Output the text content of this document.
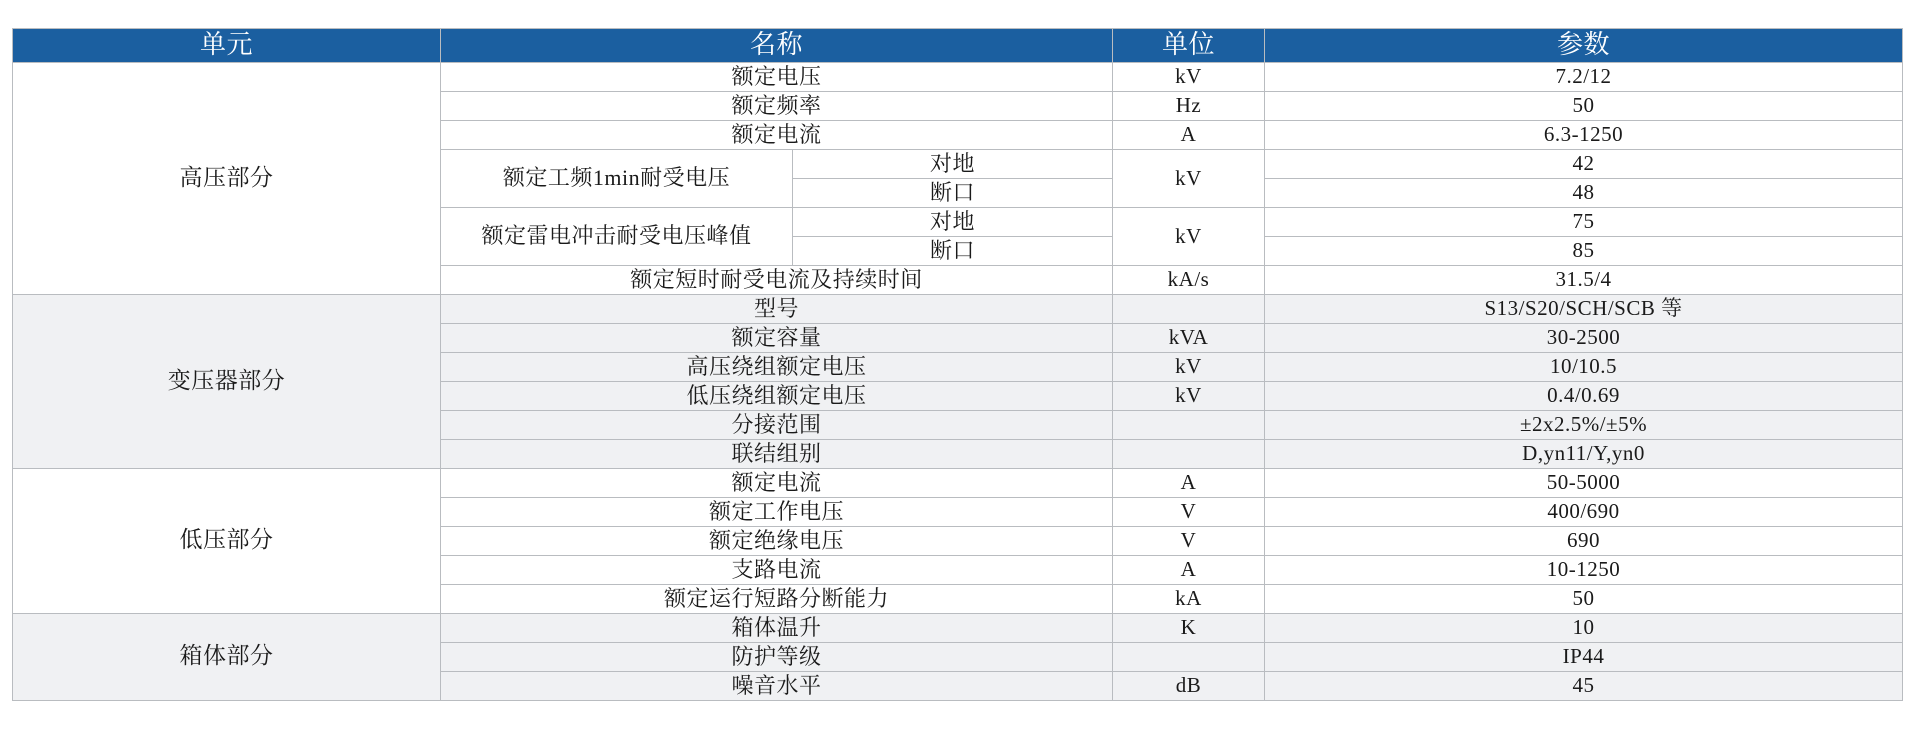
单元	名称		单位	参数
高压部分	额定电压		kV	7.2/12
	额定频率		Hz	50
	额定电流		A	6.3-1250
	额定工频1min耐受电压	对地	kV	42
		断口		48
	额定雷电冲击耐受电压峰值	对地	kV	75
		断口		85
	额定短时耐受电流及持续时间		kA/s	31.5/4
变压器部分	型号			S13/S20/SCH/SCB 等
	额定容量		kVA	30-2500
	高压绕组额定电压		kV	10/10.5
	低压绕组额定电压		kV	0.4/0.69
	分接范围			±2x2.5%/±5%
	联结组别			D,yn11/Y,yn0
低压部分	额定电流		A	50-5000
	额定工作电压		V	400/690
	额定绝缘电压		V	690
	支路电流		A	10-1250
	额定运行短路分断能力		kA	50
箱体部分	箱体温升		K	10
	防护等级			IP44
	噪音水平		dB	45
